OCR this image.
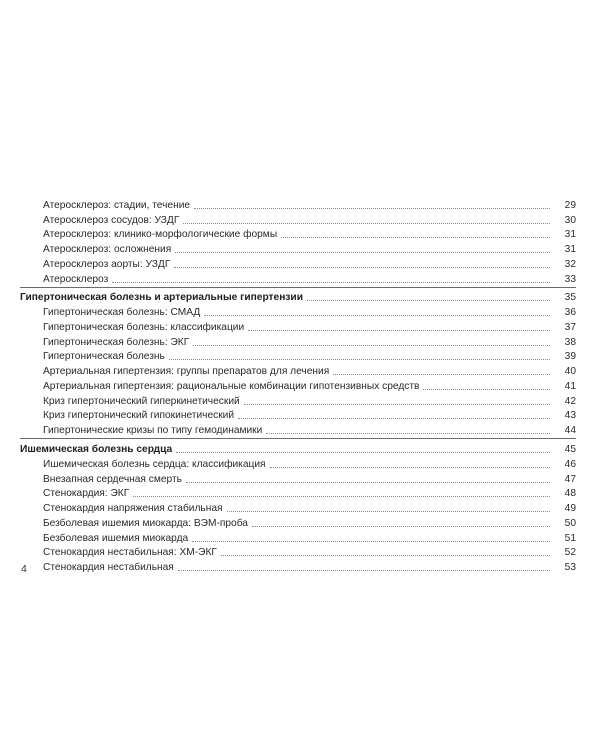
Атеросклероз: стадии, течение	29
Атеросклероз сосудов: УЗДГ	30
Атеросклероз: клинико-морфологические формы	31
Атеросклероз: осложнения	31
Атеросклероз аорты: УЗДГ	32
Атеросклероз	33
Гипертоническая болезнь и артериальные гипертензии	35
Гипертоническая болезнь: СМАД	36
Гипертоническая болезнь: классификации	37
Гипертоническая болезнь: ЭКГ	38
Гипертоническая болезнь	39
Артериальная гипертензия: группы препаратов для лечения	40
Артериальная гипертензия: рациональные комбинации гипотензивных средств	41
Криз гипертонический гиперкинетический	42
Криз гипертонический гипокинетический	43
Гипертонические кризы по типу гемодинамики	44
Ишемическая болезнь сердца	45
Ишемическая болезнь сердца: классификация	46
Внезапная сердечная смерть	47
Стенокардия: ЭКГ	48
Стенокардия напряжения стабильная	49
Безболевая ишемия миокарда: ВЭМ-проба	50
Безболевая ишемия миокарда	51
Стенокардия нестабильная: ХМ-ЭКГ	52
Стенокардия нестабильная	53
4
